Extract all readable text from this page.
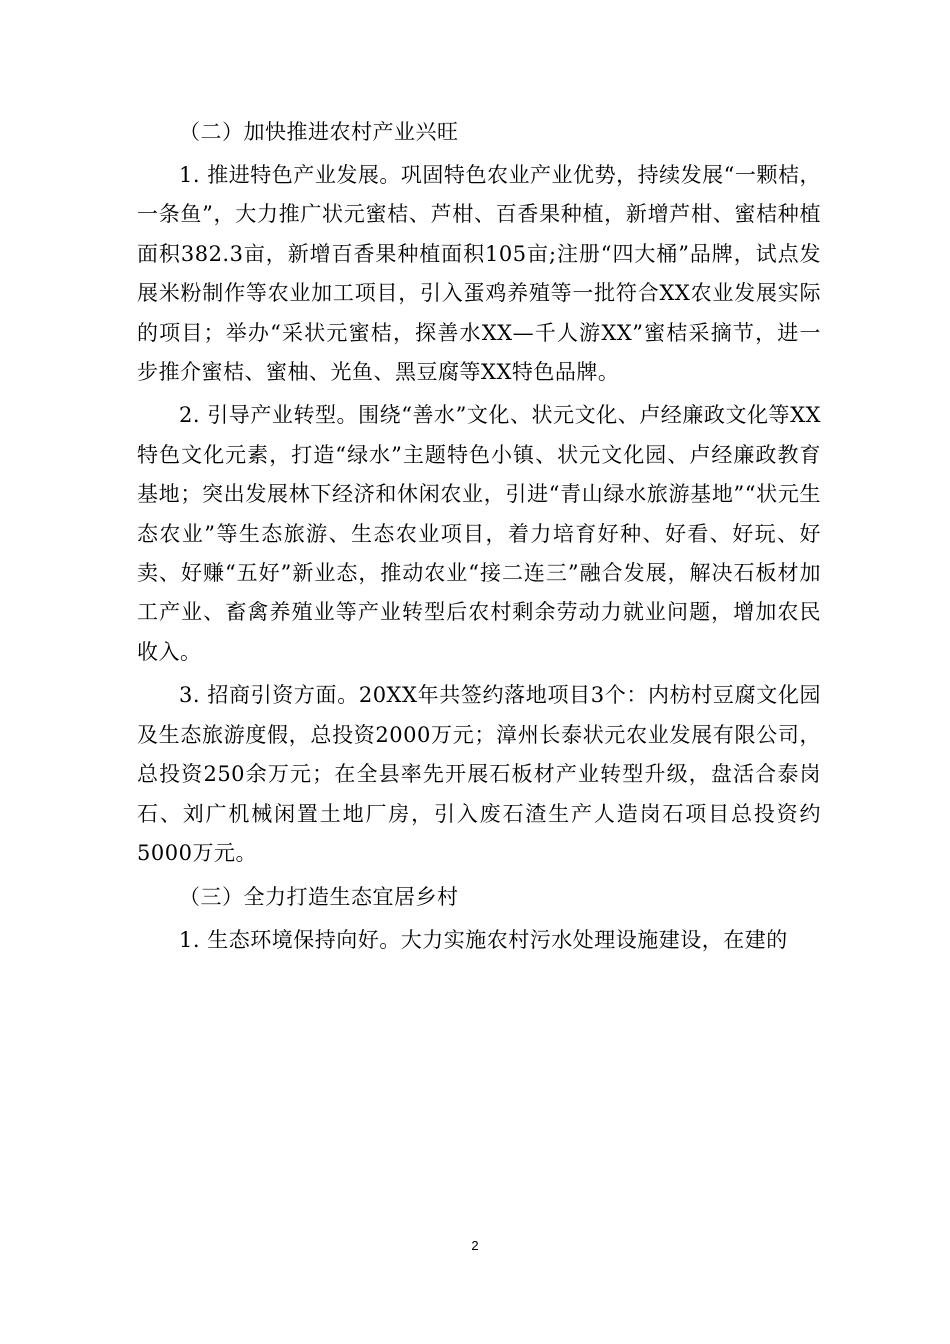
（二）加快推进农村产业兴旺

1. 推进特色产业发展。巩固特色农业产业优势，持续发展“一颗桔，一条鱼”，大力推广状元蜜桔、芦柑、百香果种植，新增芦柑、蜜桔种植面积382.3亩，新增百香果种植面积105亩;注册“四大桶”品牌，试点发展米粉制作等农业加工项目，引入蛋鸡养殖等一批符合XX农业发展实际的项目；举办“采状元蜜桔，探善水XX—千人游XX”蜜桔采摘节，进一步推介蜜桔、蜜柚、光鱼、黑豆腐等XX特色品牌。

2. 引导产业转型。围绕“善水”文化、状元文化、卢经廉政文化等XX特色文化元素，打造“绿水”主题特色小镇、状元文化园、卢经廉政教育基地；突出发展林下经济和休闲农业，引进“青山绿水旅游基地”“状元生态农业”等生态旅游、生态农业项目，着力培育好种、好看、好玩、好卖、好赚“五好”新业态，推动农业“接二连三”融合发展，解决石板材加工产业、畜禽养殖业等产业转型后农村剩余劳动力就业问题，增加农民收入。

3. 招商引资方面。20XX年共签约落地项目3个：内枋村豆腐文化园及生态旅游度假，总投资2000万元；漳州长泰状元农业发展有限公司，总投资250余万元；在全县率先开展石板材产业转型升级，盘活合泰岗石、刘广机械闲置土地厂房，引入废石渣生产人造岗石项目总投资约5000万元。

（三）全力打造生态宜居乡村

1. 生态环境保持向好。大力实施农村污水处理设施建设，在建的

2
